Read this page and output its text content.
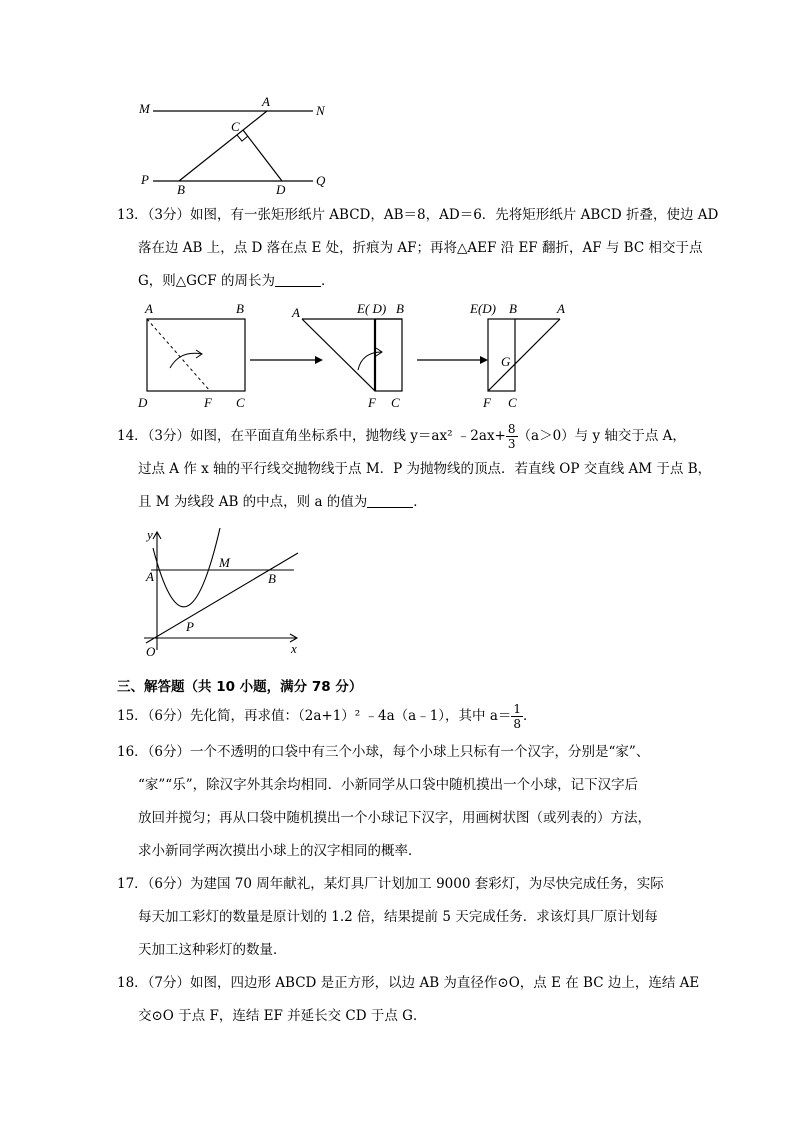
M	A
N
C
P	Q
B	D
13．（3分）如图，有一张矩形纸片 ABCD，AB＝8，AD＝6．先将矩形纸片 ABCD 折叠，使边 AD
落在边 AB 上，点 D 落在点 E 处，折痕为 AF；再将△AEF 沿 EF 翻折，AF 与 BC 相交于点
G，则△GCF 的周长为	．
A	B
D	F C
A	E( D) B
F C
E(D) B	A
G
F C
14．（3分）如图，在平面直角坐标系中，抛物线 y＝ax² ﹣2ax+ $\frac{8}{3} (a>0)$与 y 轴交于点 A，
过点 A 作 x 轴的平行线交抛物线于点 M．P 为抛物线的顶点．若直线 OP 交直线 AM 于点 B，
且 M 为线段 AB 的中点，则 a 的值为	．
y
A
M
B
P
O	x
三、解答题（共 10 小题，满分 78 分）
15．（6分）先化简，再求值：（2a+1）² ﹣4a（a﹣1），其中 $a= \frac{1}{8}$ ．
16．（6分）一个不透明的口袋中有三个小球，每个小球上只标有一个汉字，分别是“家”、
“家”“乐”，除汉字外其余均相同．小新同学从口袋中随机摸出一个小球，记下汉字后
放回并搅匀；再从口袋中随机摸出一个小球记下汉字，用画树状图（或列表的）方法，
求小新同学两次摸出小球上的汉字相同的概率．
17．（6分）为建国 70 周年献礼，某灯具厂计划加工 9000 套彩灯，为尽快完成任务，实际
每天加工彩灯的数量是原计划的 1.2 倍，结果提前 5 天完成任务．求该灯具厂原计划每
天加工这种彩灯的数量．
18．（7分）如图，四边形 ABCD 是正方形，以边 AB 为直径作⊙O，点 E 在 BC 边上，连结 AE
交⊙O 于点 F，连结 EF 并延长交 CD 于点 G．
